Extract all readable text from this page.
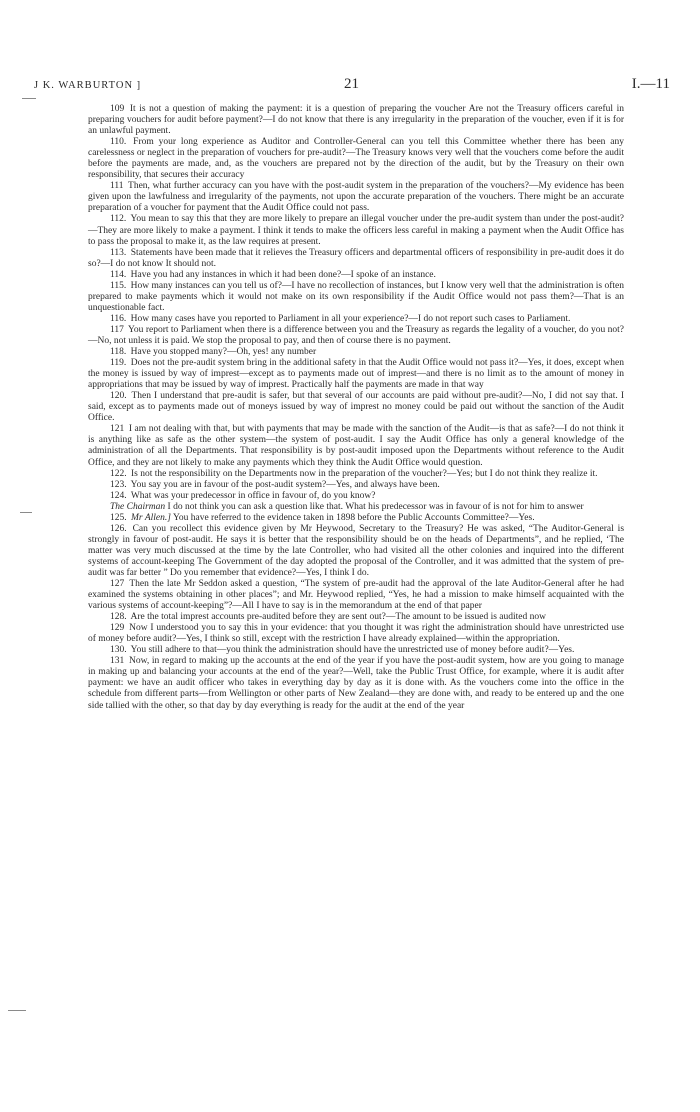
J K. WARBURTON ]	21	I.—11

109 It is not a question of making the payment: it is a question of preparing the voucher Are not the Treasury officers careful in preparing vouchers for audit before payment?—I do not know that there is any irregularity in the preparation of the voucher, even if it is for an unlawful payment.

110. From your long experience as Auditor and Controller-General can you tell this Committee whether there has been any carelessness or neglect in the preparation of vouchers for pre-audit?—The Treasury knows very well that the vouchers come before the audit before the payments are made, and, as the vouchers are prepared not by the direction of the audit, but by the Treasury on their own responsibility, that secures their accuracy

111 Then, what further accuracy can you have with the post-audit system in the preparation of the vouchers?—My evidence has been given upon the lawfulness and irregularity of the payments, not upon the accurate preparation of the vouchers. There might be an accurate preparation of a voucher for payment that the Audit Office could not pass.

112. You mean to say this that they are more likely to prepare an illegal voucher under the pre-audit system than under the post-audit?—They are more likely to make a payment. I think it tends to make the officers less careful in making a payment when the Audit Office has to pass the proposal to make it, as the law requires at present.

113. Statements have been made that it relieves the Treasury officers and departmental officers of responsibility in pre-audit does it do so?—I do not know It should not.

114. Have you had any instances in which it had been done?—I spoke of an instance.

115. How many instances can you tell us of?—I have no recollection of instances, but I know very well that the administration is often prepared to make payments which it would not make on its own responsibility if the Audit Office would not pass them?—That is an unquestionable fact.

116. How many cases have you reported to Parliament in all your experience?—I do not report such cases to Parliament.

117 You report to Parliament when there is a difference between you and the Treasury as regards the legality of a voucher, do you not?—No, not unless it is paid. We stop the proposal to pay, and then of course there is no payment.

118. Have you stopped many?—Oh, yes! any number

119. Does not the pre-audit system bring in the additional safety in that the Audit Office would not pass it?—Yes, it does, except when the money is issued by way of imprest—except as to payments made out of imprest—and there is no limit as to the amount of money in appropriations that may be issued by way of imprest. Practically half the payments are made in that way

120. Then I understand that pre-audit is safer, but that several of our accounts are paid without pre-audit?—No, I did not say that. I said, except as to payments made out of moneys issued by way of imprest no money could be paid out without the sanction of the Audit Office.

121 I am not dealing with that, but with payments that may be made with the sanction of the Audit—is that as safe?—I do not think it is anything like as safe as the other system—the system of post-audit. I say the Audit Office has only a general knowledge of the administration of all the Departments. That responsibility is by post-audit imposed upon the Departments without reference to the Audit Office, and they are not likely to make any payments which they think the Audit Office would question.

122. Is not the responsibility on the Departments now in the preparation of the voucher?—Yes; but I do not think they realize it.

123. You say you are in favour of the post-audit system?—Yes, and always have been.

124. What was your predecessor in office in favour of, do you know?

The Chairman I do not think you can ask a question like that. What his predecessor was in favour of is not for him to answer

125. Mr Allen.] You have referred to the evidence taken in 1898 before the Public Accounts Committee?—Yes.

126. Can you recollect this evidence given by Mr Heywood, Secretary to the Treasury? He was asked, “The Auditor-General is strongly in favour of post-audit. He says it is better that the responsibility should be on the heads of Departments”, and he replied, ‘The matter was very much discussed at the time by the late Controller, who had visited all the other colonies and inquired into the different systems of account-keeping The Government of the day adopted the proposal of the Controller, and it was admitted that the system of pre-audit was far better ” Do you remember that evidence?—Yes, I think I do.

127 Then the late Mr Seddon asked a question, “The system of pre-audit had the approval of the late Auditor-General after he had examined the systems obtaining in other places”; and Mr. Heywood replied, “Yes, he had a mission to make himself acquainted with the various systems of account-keeping”?—All I have to say is in the memorandum at the end of that paper

128. Are the total imprest accounts pre-audited before they are sent out?—The amount to be issued is audited now

129 Now I understood you to say this in your evidence: that you thought it was right the administration should have unrestricted use of money before audit?—Yes, I think so still, except with the restriction I have already explained—within the appropriation.

130. You still adhere to that—you think the administration should have the unrestricted use of money before audit?—Yes.

131 Now, in regard to making up the accounts at the end of the year if you have the post-audit system, how are you going to manage in making up and balancing your accounts at the end of the year?—Well, take the Public Trust Office, for example, where it is audit after payment: we have an audit officer who takes in everything day by day as it is done with. As the vouchers come into the office in the schedule from different parts—from Wellington or other parts of New Zealand—they are done with, and ready to be entered up and the one side tallied with the other, so that day by day everything is ready for the audit at the end of the year
